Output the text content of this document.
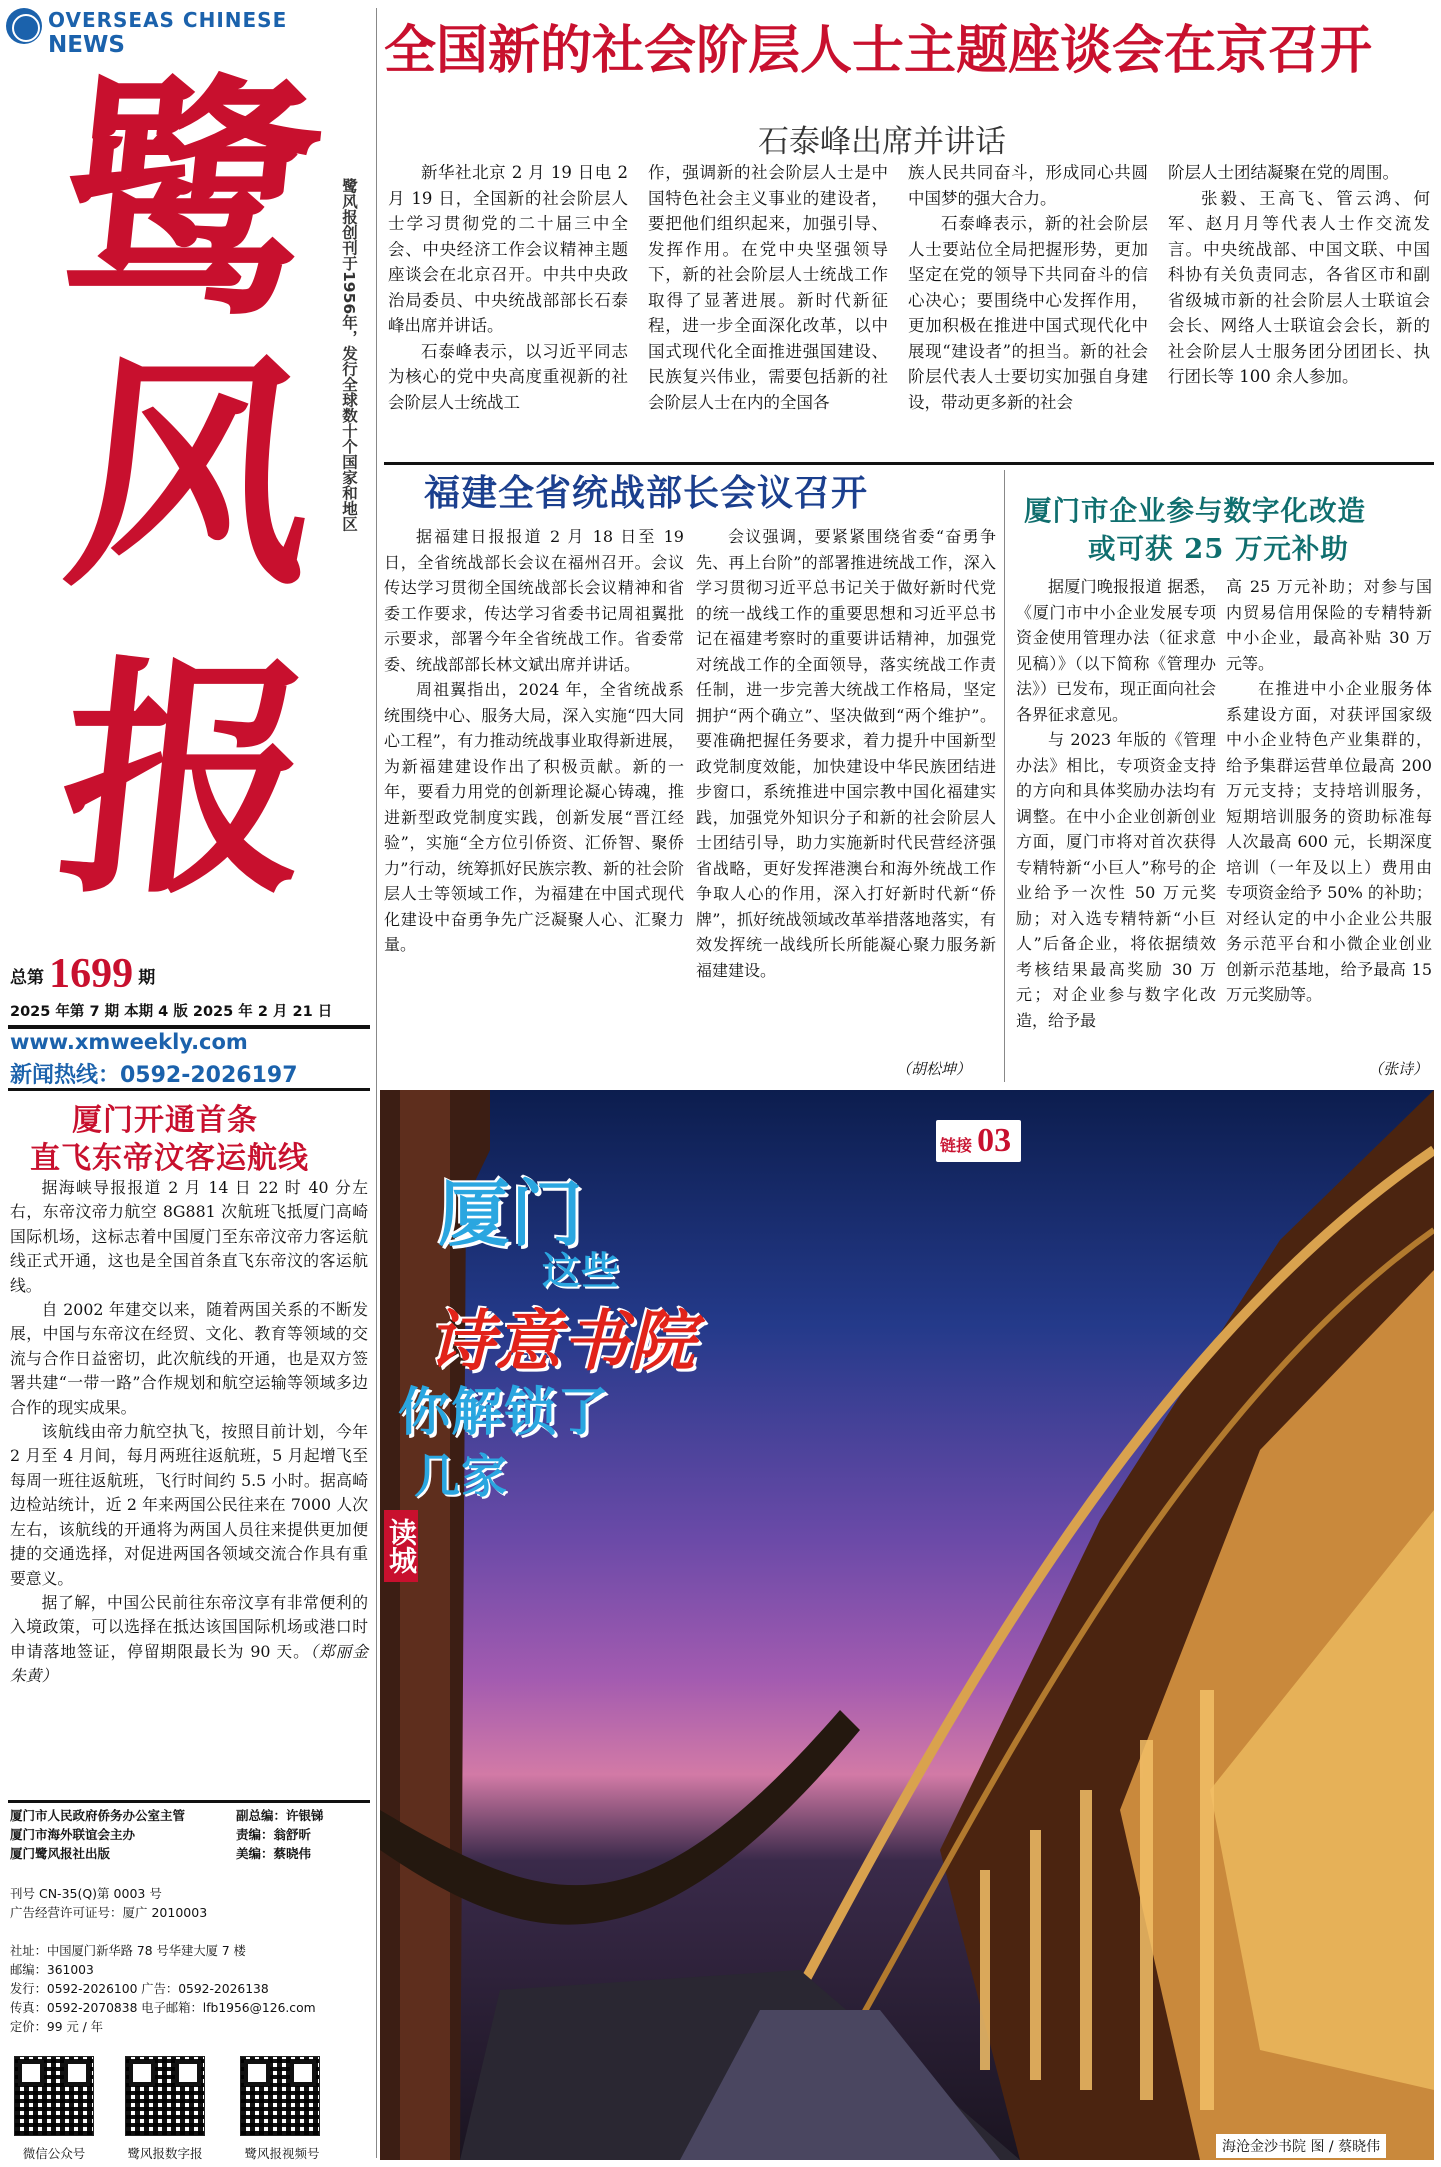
OVERSEAS CHINESE
NEWS
鹭
风
报
鹭风报创刊于1956年，发行全球数十个国家和地区
总第 1699 期
2025 年第 7 期 本期 4 版 2025 年 2 月 21 日
www.xmweekly.com
新闻热线：0592-2026197
厦门开通首条
直飞东帝汶客运航线

据海峡导报报道 2 月 14 日 22 时 40 分左右，东帝汶帝力航空 8G881 次航班飞抵厦门高崎国际机场，这标志着中国厦门至东帝汶帝力客运航线正式开通，这也是全国首条直飞东帝汶的客运航线。

自 2002 年建交以来，随着两国关系的不断发展，中国与东帝汶在经贸、文化、教育等领域的交流与合作日益密切，此次航线的开通，也是双方签署共建“一带一路”合作规划和航空运输等领域多边合作的现实成果。

该航线由帝力航空执飞，按照目前计划，今年 2 月至 4 月间，每月两班往返航班，5 月起增飞至每周一班往返航班，飞行时间约 5.5 小时。据高崎边检站统计，近 2 年来两国公民往来在 7000 人次左右，该航线的开通将为两国人员往来提供更加便捷的交通选择，对促进两国各领域交流合作具有重要意义。

据了解，中国公民前往东帝汶享有非常便利的入境政策，可以选择在抵达该国国际机场或港口时申请落地签证，停留期限最长为 90 天。（郑丽金 朱黄）

厦门市人民政府侨务办公室主管
厦门市海外联谊会主办
厦门鹭风报社出版
副总编：许银锑
责编：翁舒昕
美编：蔡晓伟
刊号 CN-35(Q)第 0003 号
广告经营许可证号：厦广 2010003
社址：中国厦门新华路 78 号华建大厦 7 楼
邮编：361003
发行：0592-2026100 广告：0592-2026138
传真：0592-2070838 电子邮箱：lfb1956@126.com
定价：99 元 / 年
微信公众号	鹭风报数字报	鹭风报视频号
全国新的社会阶层人士主题座谈会在京召开
石泰峰出席并讲话

新华社北京 2 月 19 日电 2 月 19 日，全国新的社会阶层人士学习贯彻党的二十届三中全会、中央经济工作会议精神主题座谈会在北京召开。中共中央政治局委员、中央统战部部长石泰峰出席并讲话。

石泰峰表示，以习近平同志为核心的党中央高度重视新的社会阶层人士统战工

作，强调新的社会阶层人士是中国特色社会主义事业的建设者，要把他们组织起来，加强引导、发挥作用。在党中央坚强领导下，新的社会阶层人士统战工作取得了显著进展。新时代新征程，进一步全面深化改革，以中国式现代化全面推进强国建设、民族复兴伟业，需要包括新的社会阶层人士在内的全国各

族人民共同奋斗，形成同心共圆中国梦的强大合力。

石泰峰表示，新的社会阶层人士要站位全局把握形势，更加坚定在党的领导下共同奋斗的信心决心；要围绕中心发挥作用，更加积极在推进中国式现代化中展现“建设者”的担当。新的社会阶层代表人士要切实加强自身建设，带动更多新的社会

阶层人士团结凝聚在党的周围。

张毅、王高飞、管云鸿、何军、赵月月等代表人士作交流发言。中央统战部、中国文联、中国科协有关负责同志，各省区市和副省级城市新的社会阶层人士联谊会会长、网络人士联谊会会长，新的社会阶层人士服务团分团团长、执行团长等 100 余人参加。

福建全省统战部长会议召开

据福建日报报道 2 月 18 日至 19 日，全省统战部长会议在福州召开。会议传达学习贯彻全国统战部长会议精神和省委工作要求，传达学习省委书记周祖翼批示要求，部署今年全省统战工作。省委常委、统战部部长林文斌出席并讲话。

周祖翼指出，2024 年，全省统战系统围绕中心、服务大局，深入实施“四大同心工程”，有力推动统战事业取得新进展，为新福建建设作出了积极贡献。新的一年，要看力用党的创新理论凝心铸魂，推进新型政党制度实践，创新发展“晋江经验”，实施“全方位引侨资、汇侨智、聚侨力”行动，统筹抓好民族宗教、新的社会阶层人士等领域工作，为福建在中国式现代化建设中奋勇争先广泛凝聚人心、汇聚力量。

会议强调，要紧紧围绕省委“奋勇争先、再上台阶”的部署推进统战工作，深入学习贯彻习近平总书记关于做好新时代党的统一战线工作的重要思想和习近平总书记在福建考察时的重要讲话精神，加强党对统战工作的全面领导，落实统战工作责任制，进一步完善大统战工作格局，坚定拥护“两个确立”、坚决做到“两个维护”。要准确把握任务要求，着力提升中国新型政党制度效能，加快建设中华民族团结进步窗口，系统推进中国宗教中国化福建实践，加强党外知识分子和新的社会阶层人士团结引导，助力实施新时代民营经济强省战略，更好发挥港澳台和海外统战工作争取人心的作用，深入打好新时代新“侨牌”，抓好统战领域改革举措落地落实，有效发挥统一战线所长所能凝心聚力服务新福建建设。

（胡松坤）
厦门市企业参与数字化改造
或可获 25 万元补助

据厦门晚报报道 据悉，《厦门市中小企业发展专项资金使用管理办法（征求意见稿）》（以下简称《管理办法》）已发布，现正面向社会各界征求意见。

与 2023 年版的《管理办法》相比，专项资金支持的方向和具体奖励办法均有调整。在中小企业创新创业方面，厦门市将对首次获得专精特新“小巨人”称号的企业给予一次性 50 万元奖励；对入选专精特新“小巨人”后备企业，将依据绩效考核结果最高奖励 30 万元；对企业参与数字化改造，给予最

高 25 万元补助；对参与国内贸易信用保险的专精特新中小企业，最高补贴 30 万元等。

在推进中小企业服务体系建设方面，对获评国家级中小企业特色产业集群的，给予集群运营单位最高 200 万元支持；支持培训服务，短期培训服务的资助标准每人次最高 600 元，长期深度培训（一年及以上）费用由专项资金给予 50% 的补助；对经认定的中小企业公共服务示范平台和小微企业创业创新示范基地，给予最高 15 万元奖励等。

（张诗）
链接 03
厦门
这些
诗意书院
你解锁了
几家
读城
海沧金沙书院 图 / 蔡晓伟
